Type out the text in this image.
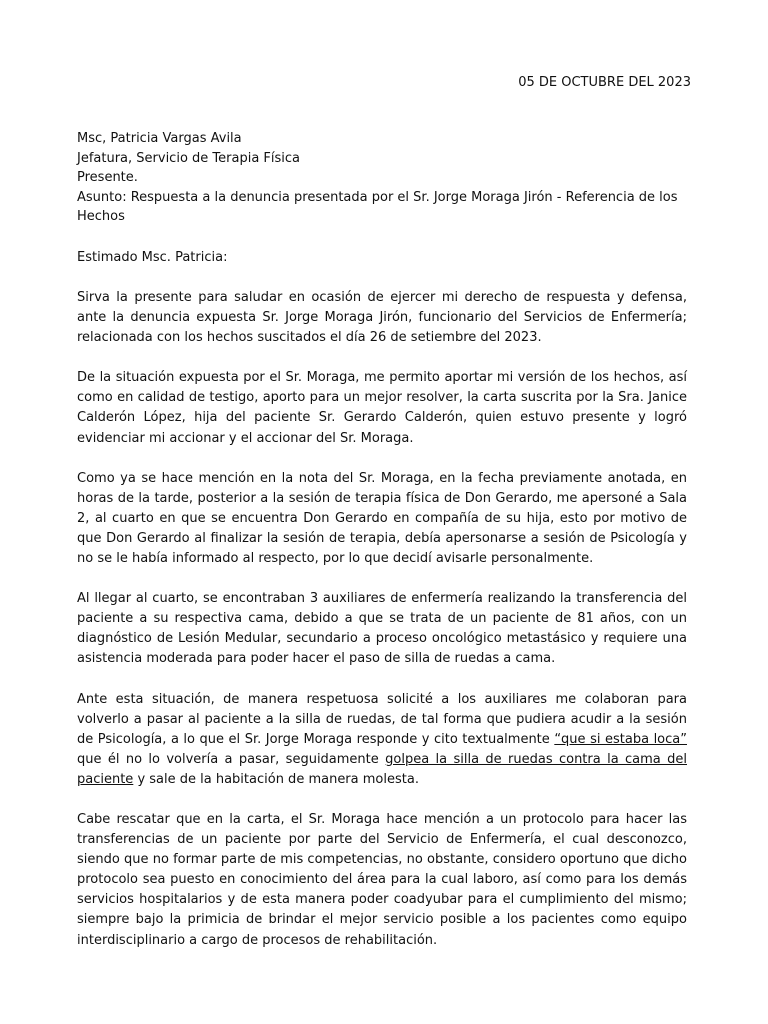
05 DE OCTUBRE DEL 2023
Msc, Patricia Vargas Avila
Jefatura, Servicio de Terapia Física
Presente.
Asunto: Respuesta a la denuncia presentada por el Sr. Jorge Moraga Jirón - Referencia de los Hechos
Estimado Msc. Patricia:

Sirva la presente para saludar en ocasión de ejercer mi derecho de respuesta y defensa, ante la denuncia expuesta Sr. Jorge Moraga Jirón, funcionario del Servicios de Enfermería; relacionada con los hechos suscitados el día 26 de setiembre del 2023.

De la situación expuesta por el Sr. Moraga, me permito aportar mi versión de los hechos, así como en calidad de testigo, aporto para un mejor resolver, la carta suscrita por la Sra. Janice Calderón López, hija del paciente Sr. Gerardo Calderón, quien estuvo presente y logró evidenciar mi accionar y el accionar del Sr. Moraga.

Como ya se hace mención en la nota del Sr. Moraga, en la fecha previamente anotada, en horas de la tarde, posterior a la sesión de terapia física de Don Gerardo, me apersoné a Sala 2, al cuarto en que se encuentra Don Gerardo en compañía de su hija, esto por motivo de que Don Gerardo al finalizar la sesión de terapia, debía apersonarse a sesión de Psicología y no se le había informado al respecto, por lo que decidí avisarle personalmente.

Al llegar al cuarto, se encontraban 3 auxiliares de enfermería realizando la transferencia del paciente a su respectiva cama, debido a que se trata de un paciente de 81 años, con un diagnóstico de Lesión Medular, secundario a proceso oncológico metastásico y requiere una asistencia moderada para poder hacer el paso de silla de ruedas a cama.

Ante esta situación, de manera respetuosa solicité a los auxiliares me colaboran para volverlo a pasar al paciente a la silla de ruedas, de tal forma que pudiera acudir a la sesión de Psicología, a lo que el Sr. Jorge Moraga responde y cito textualmente “que si estaba loca” que él no lo volvería a pasar, seguidamente golpea la silla de ruedas contra la cama del paciente y sale de la habitación de manera molesta.

Cabe rescatar que en la carta, el Sr. Moraga hace mención a un protocolo para hacer las transferencias de un paciente por parte del Servicio de Enfermería, el cual desconozco, siendo que no formar parte de mis competencias, no obstante, considero oportuno que dicho protocolo sea puesto en conocimiento del área para la cual laboro, así como para los demás servicios hospitalarios y de esta manera poder coadyubar para el cumplimiento del mismo; siempre bajo la primicia de brindar el mejor servicio posible a los pacientes como equipo interdisciplinario a cargo de procesos de rehabilitación.
